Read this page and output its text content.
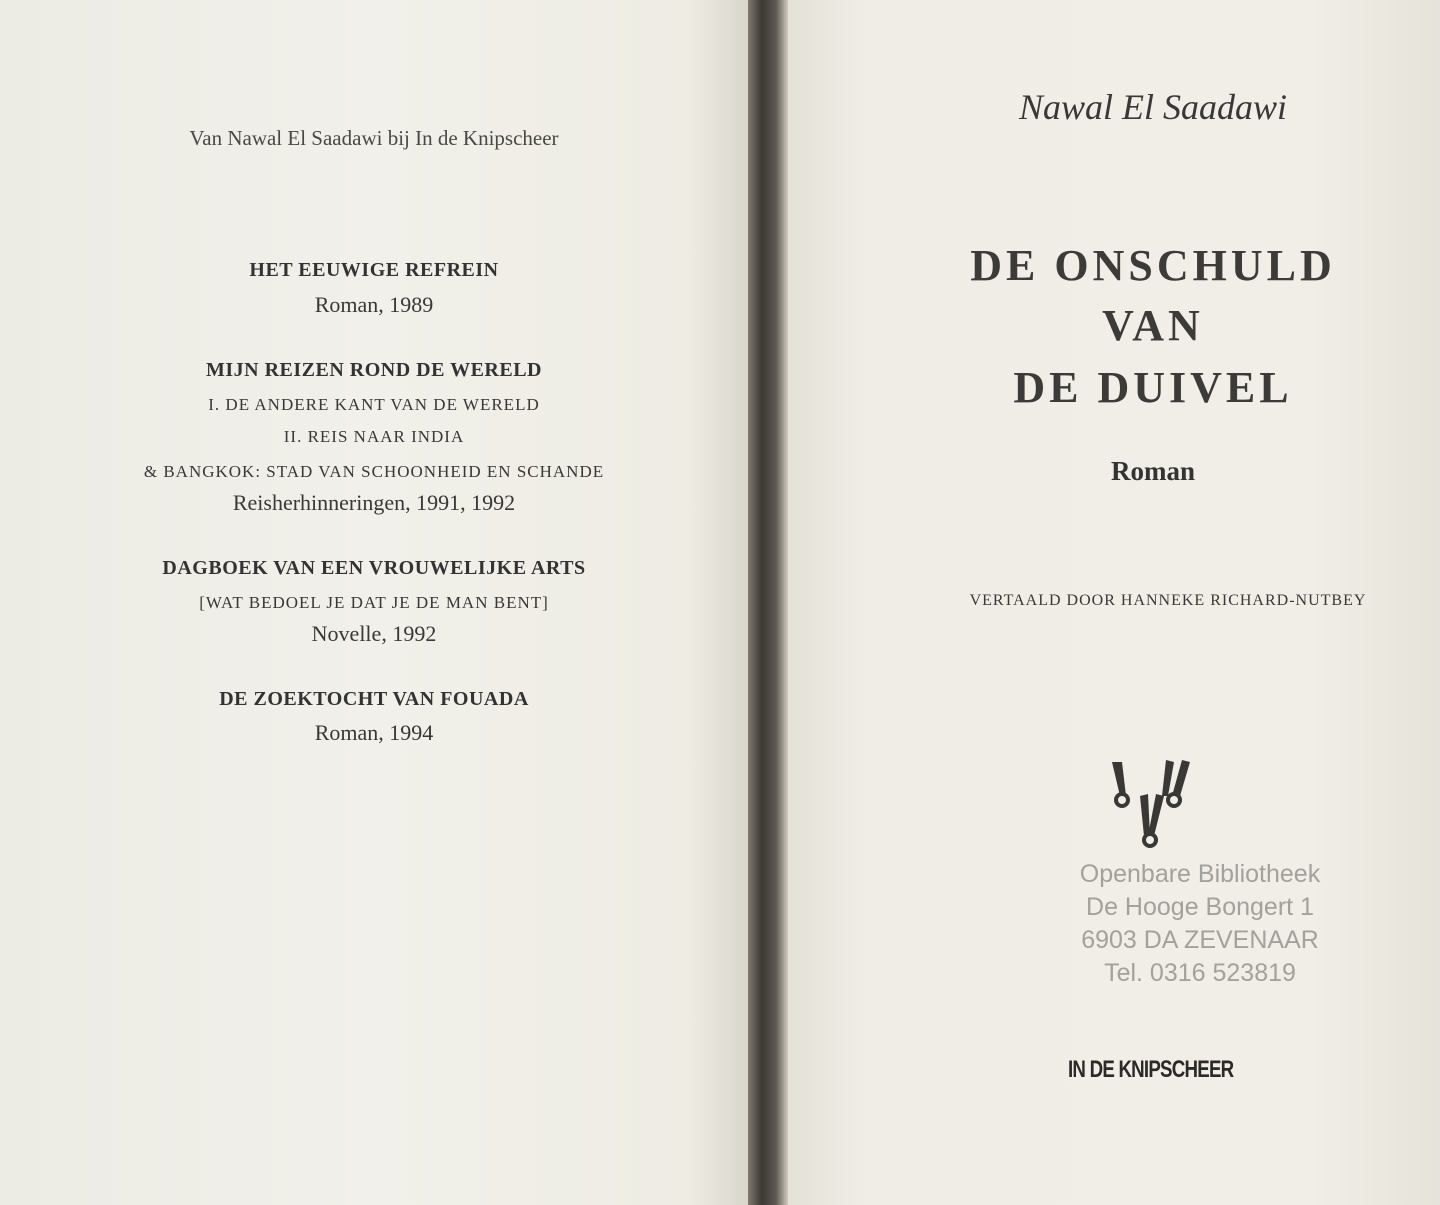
Van Nawal El Saadawi bij In de Knipscheer
HET EEUWIGE REFREIN
Roman, 1989
MIJN REIZEN ROND DE WERELD
I. DE ANDERE KANT VAN DE WERELD
II. REIS NAAR INDIA
& BANGKOK: STAD VAN SCHOONHEID EN SCHANDE
Reisherhinneringen, 1991, 1992
DAGBOEK VAN EEN VROUWELIJKE ARTS
[WAT BEDOEL JE DAT JE DE MAN BENT]
Novelle, 1992
DE ZOEKTOCHT VAN FOUADA
Roman, 1994
Nawal El Saadawi
DE ONSCHULD
VAN
DE DUIVEL
Roman
VERTAALD DOOR HANNEKE RICHARD-NUTBEY
Openbare Bibliotheek
De Hooge Bongert 1
6903 DA ZEVENAAR
Tel. 0316 523819
IN DE KNIPSCHEER
